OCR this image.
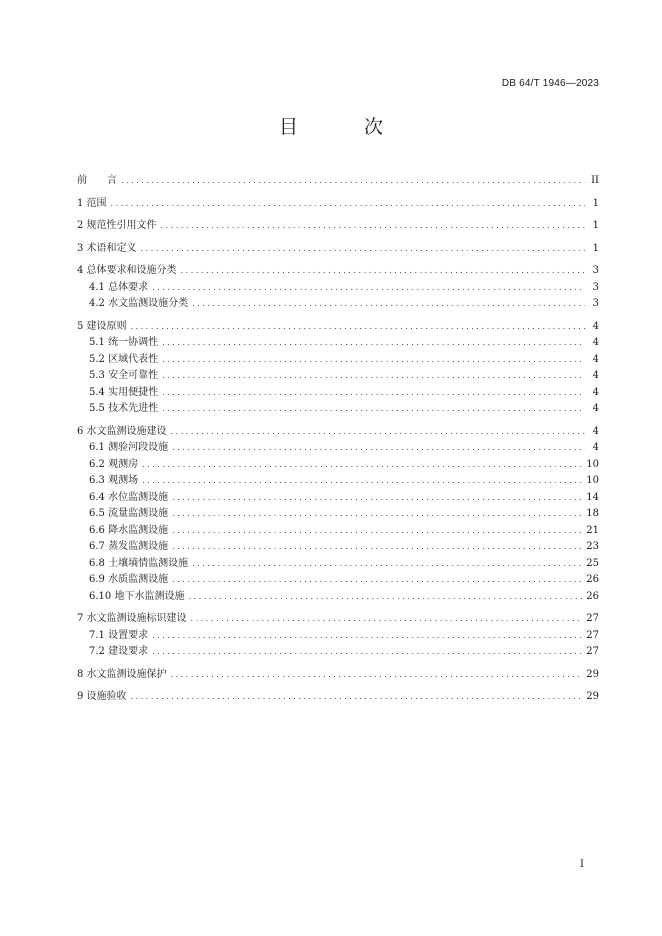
DB 64/T 1946—2023
目 次
前　　言 . . .	II
1 范围 . . .	1
2 规范性引用文件 . . .	1
3 术语和定义 . . .	1
4 总体要求和设施分类 . . .	3
4.1 总体要求 . . .	3
4.2 水文监测设施分类 . . .	3
5 建设原则 . . .	4
5.1 统一协调性 . . .	4
5.2 区域代表性 . . .	4
5.3 安全可靠性 . . .	4
5.4 实用便捷性 . . .	4
5.5 技术先进性 . . .	4
6 水文监测设施建设 . . .	4
6.1 测验河段设施 . . .	4
6.2 观测房 . . .	10
6.3 观测场 . . .	10
6.4 水位监测设施 . . .	14
6.5 流量监测设施 . . .	18
6.6 降水监测设施 . . .	21
6.7 蒸发监测设施 . . .	23
6.8 土壤墒情监测设施 . . .	25
6.9 水质监测设施 . . .	26
6.10 地下水监测设施 . . .	26
7 水文监测设施标识建设 . . .	27
7.1 设置要求 . . .	27
7.2 建设要求 . . .	27
8 水文监测设施保护 . . .	29
9 设施验收 . . .	29
I
